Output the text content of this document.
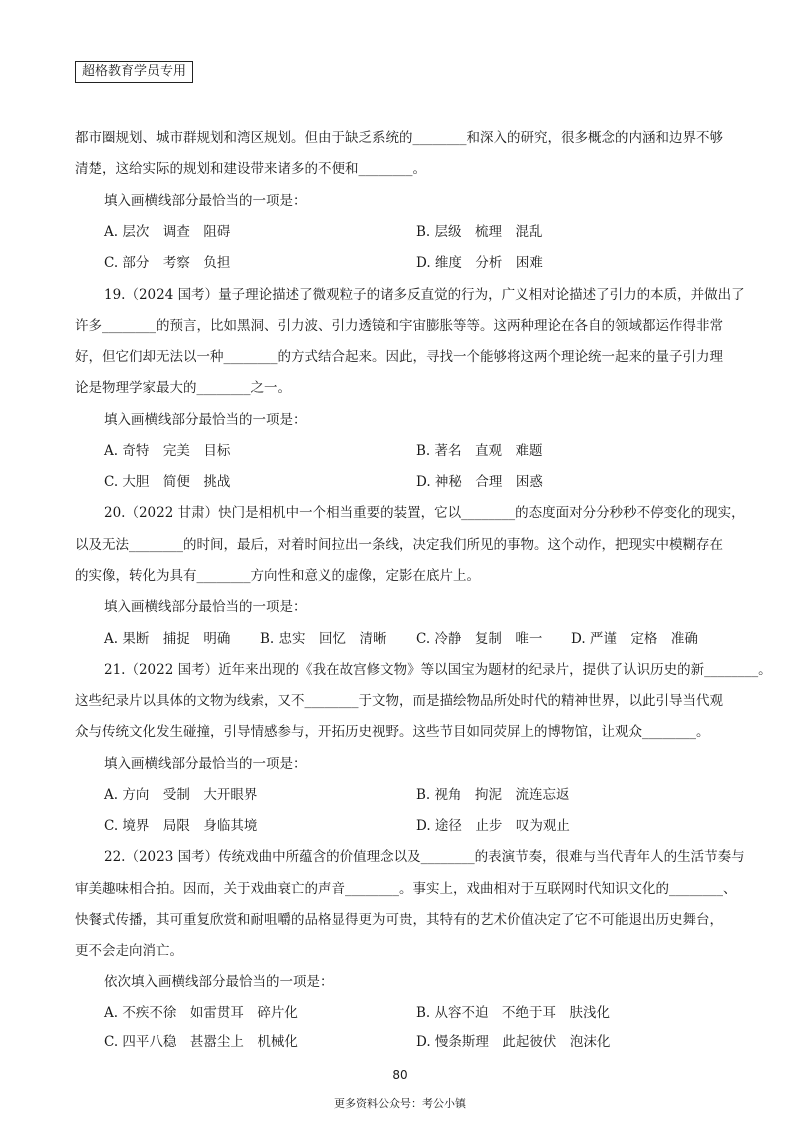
超格教育学员专用
都市圈规划、城市群规划和湾区规划。但由于缺乏系统的________和深入的研究，很多概念的内涵和边界不够
清楚，这给实际的规划和建设带来诸多的不便和________。
填入画横线部分最恰当的一项是：
A. 层次　调查　阻碍	B. 层级　梳理　混乱
C. 部分　考察　负担	D. 维度　分析　困难
19.（2024 国考）量子理论描述了微观粒子的诸多反直觉的行为，广义相对论描述了引力的本质，并做出了
许多________的预言，比如黑洞、引力波、引力透镜和宇宙膨胀等等。这两种理论在各自的领域都运作得非常
好，但它们却无法以一种________的方式结合起来。因此，寻找一个能够将这两个理论统一起来的量子引力理
论是物理学家最大的________之一。
填入画横线部分最恰当的一项是：
A. 奇特　完美　目标	B. 著名　直观　难题
C. 大胆　简便　挑战	D. 神秘　合理　困惑
20.（2022 甘肃）快门是相机中一个相当重要的装置，它以________的态度面对分分秒秒不停变化的现实，
以及无法________的时间，最后，对着时间拉出一条线，决定我们所见的事物。这个动作，把现实中模糊存在
的实像，转化为具有________方向性和意义的虚像，定影在底片上。
填入画横线部分最恰当的一项是：
A. 果断　捕捉　明确 B. 忠实　回忆　清晰 C. 冷静　复制　唯一 D. 严谨　定格　准确
21.（2022 国考）近年来出现的《我在故宫修文物》等以国宝为题材的纪录片，提供了认识历史的新________。
这些纪录片以具体的文物为线索，又不________于文物，而是描绘物品所处时代的精神世界，以此引导当代观
众与传统文化发生碰撞，引导情感参与，开拓历史视野。这些节目如同荧屏上的博物馆，让观众________。
填入画横线部分最恰当的一项是：
A. 方向　受制　大开眼界	B. 视角　拘泥　流连忘返
C. 境界　局限　身临其境	D. 途径　止步　叹为观止
22.（2023 国考）传统戏曲中所蕴含的价值理念以及________的表演节奏，很难与当代青年人的生活节奏与
审美趣味相合拍。因而，关于戏曲衰亡的声音________。事实上，戏曲相对于互联网时代知识文化的________、
快餐式传播，其可重复欣赏和耐咀嚼的品格显得更为可贵，其特有的艺术价值决定了它不可能退出历史舞台，
更不会走向消亡。
依次填入画横线部分最恰当的一项是：
A. 不疾不徐　如雷贯耳　碎片化	B. 从容不迫　不绝于耳　肤浅化
C. 四平八稳　甚嚣尘上　机械化	D. 慢条斯理　此起彼伏　泡沫化
80
更多资料公众号：考公小镇
